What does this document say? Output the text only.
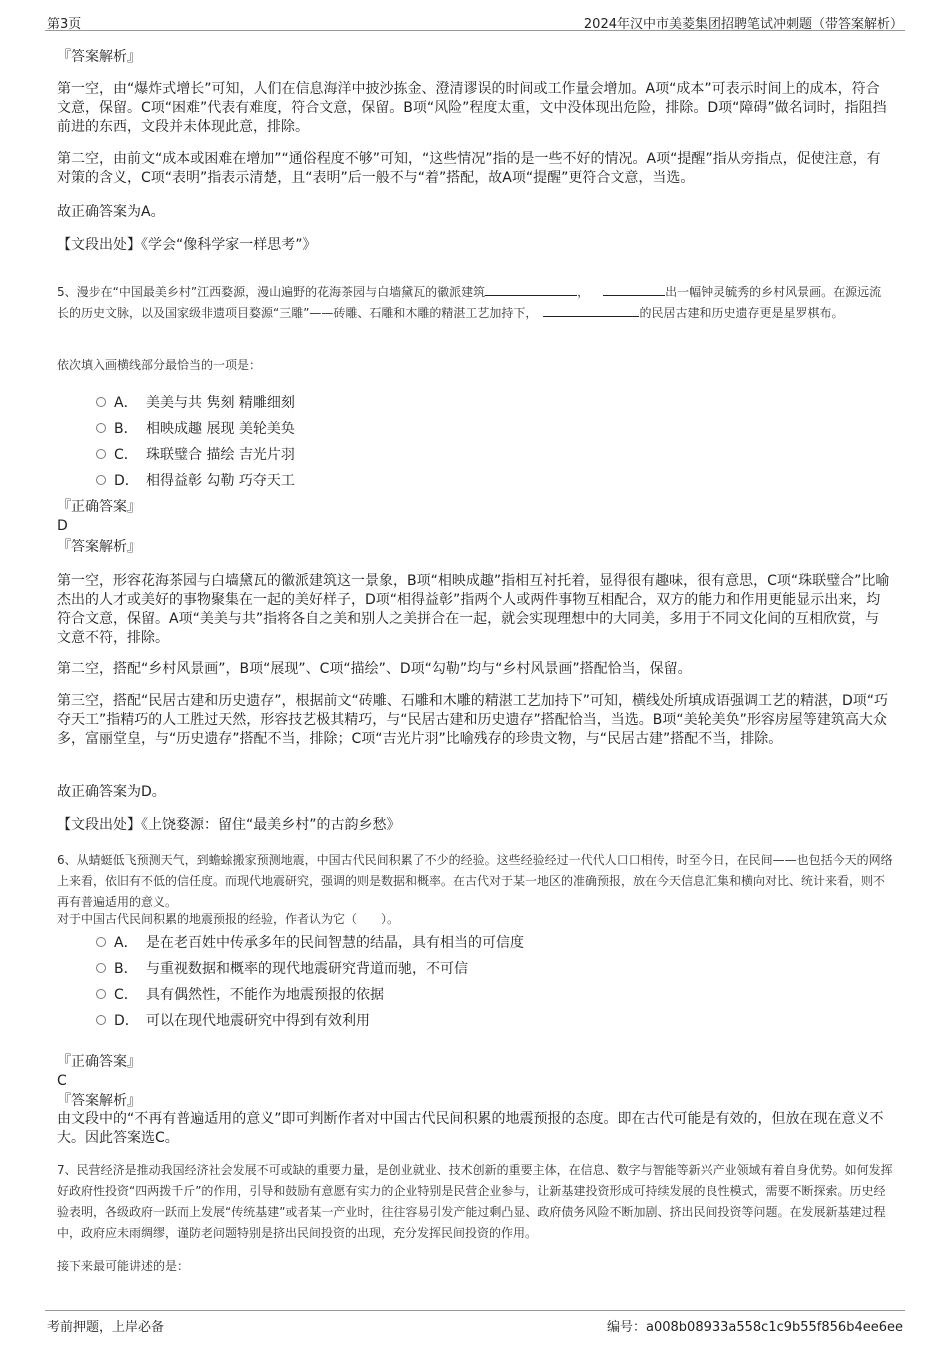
第3页	2024年汉中市美菱集团招聘笔试冲刺题（带答案解析）

『答案解析』

第一空，由“爆炸式增长”可知，人们在信息海洋中披沙拣金、澄清谬误的时间或工作量会增加。A项“成本”可表示时间上的成本，符合文意，保留。C项“困难”代表有难度，符合文意，保留。B项“风险”程度太重，文中没体现出危险，排除。D项“障碍”做名词时，指阻挡前进的东西，文段并未体现此意，排除。

第二空，由前文“成本或困难在增加”“通俗程度不够”可知，“这些情况”指的是一些不好的情况。A项“提醒”指从旁指点，促使注意，有对策的含义，C项“表明”指表示清楚，且“表明”后一般不与“着”搭配，故A项“提醒”更符合文意，当选。

故正确答案为A。

【文段出处】《学会“像科学家一样思考”》

5、漫步在“中国最美乡村”江西婺源，漫山遍野的花海茶园与白墙黛瓦的徽派建筑	，	出一幅钟灵毓秀的乡村风景画。在源远流长的历史文脉，以及国家级非遗项目婺源“三雕”——砖雕、石雕和木雕的精湛工艺加持下，	的民居古建和历史遗存更是星罗棋布。

依次填入画横线部分最恰当的一项是：

A． 美美与共 隽刻 精雕细刻
B． 相映成趣 展现 美轮美奂
C． 珠联璧合 描绘 吉光片羽
D． 相得益彰 勾勒 巧夺天工

『正确答案』

D

『答案解析』

第一空，形容花海茶园与白墙黛瓦的徽派建筑这一景象，B项“相映成趣”指相互衬托着，显得很有趣味，很有意思，C项“珠联璧合”比喻杰出的人才或美好的事物聚集在一起的美好样子，D项“相得益彰”指两个人或两件事物互相配合，双方的能力和作用更能显示出来，均符合文意，保留。A项“美美与共”指将各自之美和别人之美拼合在一起，就会实现理想中的大同美，多用于不同文化间的互相欣赏，与文意不符，排除。

第二空，搭配“乡村风景画”，B项“展现”、C项“描绘”、D项“勾勒”均与“乡村风景画”搭配恰当，保留。

第三空，搭配“民居古建和历史遗存”，根据前文“砖雕、石雕和木雕的精湛工艺加持下”可知，横线处所填成语强调工艺的精湛，D项“巧夺天工”指精巧的人工胜过天然，形容技艺极其精巧，与“民居古建和历史遗存”搭配恰当，当选。B项“美轮美奂”形容房屋等建筑高大众多，富丽堂皇，与“历史遗存”搭配不当，排除；C项“吉光片羽”比喻残存的珍贵文物，与“民居古建”搭配不当，排除。

故正确答案为D。

【文段出处】《上饶婺源：留住“最美乡村”的古韵乡愁》

6、从蜻蜓低飞预测天气，到蟾蜍搬家预测地震，中国古代民间积累了不少的经验。这些经验经过一代代人口口相传，时至今日，在民间——也包括今天的网络上来看，依旧有不低的信任度。而现代地震研究，强调的则是数据和概率。在古代对于某一地区的准确预报，放在今天信息汇集和横向对比、统计来看，则不再有普遍适用的意义。

对于中国古代民间积累的地震预报的经验，作者认为它（　　）。

A． 是在老百姓中传承多年的民间智慧的结晶，具有相当的可信度
B． 与重视数据和概率的现代地震研究背道而驰，不可信
C． 具有偶然性，不能作为地震预报的依据
D． 可以在现代地震研究中得到有效利用

『正确答案』

C

『答案解析』

由文段中的“不再有普遍适用的意义”即可判断作者对中国古代民间积累的地震预报的态度。即在古代可能是有效的，但放在现在意义不大。因此答案选C。

7、民营经济是推动我国经济社会发展不可或缺的重要力量，是创业就业、技术创新的重要主体，在信息、数字与智能等新兴产业领域有着自身优势。如何发挥好政府性投资“四两拨千斤”的作用，引导和鼓励有意愿有实力的企业特别是民营企业参与，让新基建投资形成可持续发展的良性模式，需要不断探索。历史经验表明，各级政府一跃而上发展“传统基建”或者某一产业时，往往容易引发产能过剩凸显、政府债务风险不断加剧、挤出民间投资等问题。在发展新基建过程中，政府应未雨绸缪，谨防老问题特别是挤出民间投资的出现，充分发挥民间投资的作用。

接下来最可能讲述的是：

考前押题，上岸必备	编号：a008b08933a558c1c9b55f856b4ee6ee
